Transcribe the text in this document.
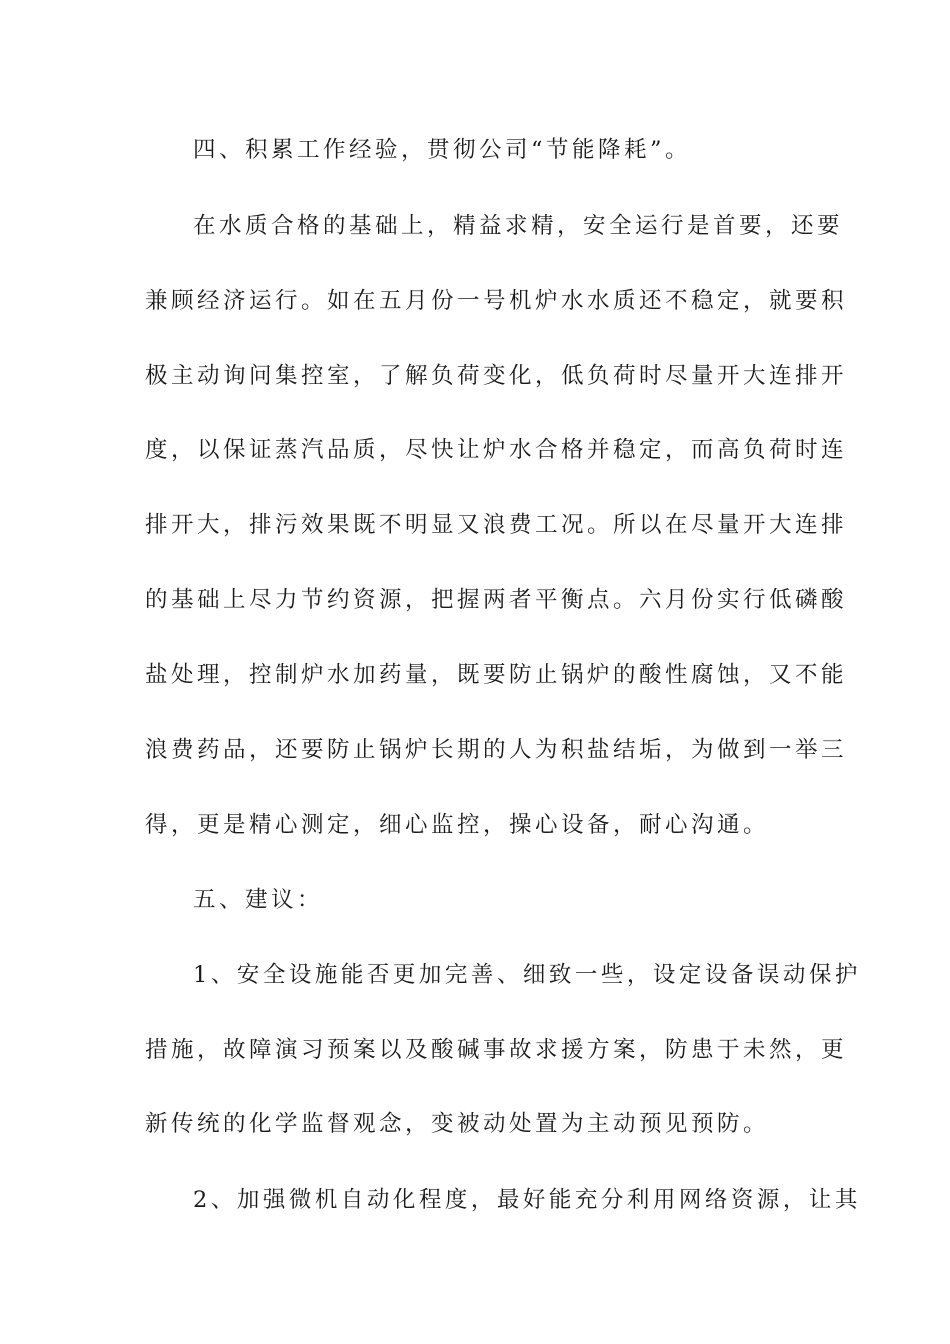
四、积累工作经验，贯彻公司“节能降耗”。
在水质合格的基础上，精益求精，安全运行是首要，还要
兼顾经济运行。如在五月份一号机炉水水质还不稳定，就要积
极主动询问集控室，了解负荷变化，低负荷时尽量开大连排开
度，以保证蒸汽品质，尽快让炉水合格并稳定，而高负荷时连
排开大，排污效果既不明显又浪费工况。所以在尽量开大连排
的基础上尽力节约资源，把握两者平衡点。六月份实行低磷酸
盐处理，控制炉水加药量，既要防止锅炉的酸性腐蚀，又不能
浪费药品，还要防止锅炉长期的人为积盐结垢，为做到一举三
得，更是精心测定，细心监控，操心设备，耐心沟通。
五、建议：
1、安全设施能否更加完善、细致一些，设定设备误动保护
措施，故障演习预案以及酸碱事故求援方案，防患于未然，更
新传统的化学监督观念，变被动处置为主动预见预防。
2、加强微机自动化程度，最好能充分利用网络资源，让其
